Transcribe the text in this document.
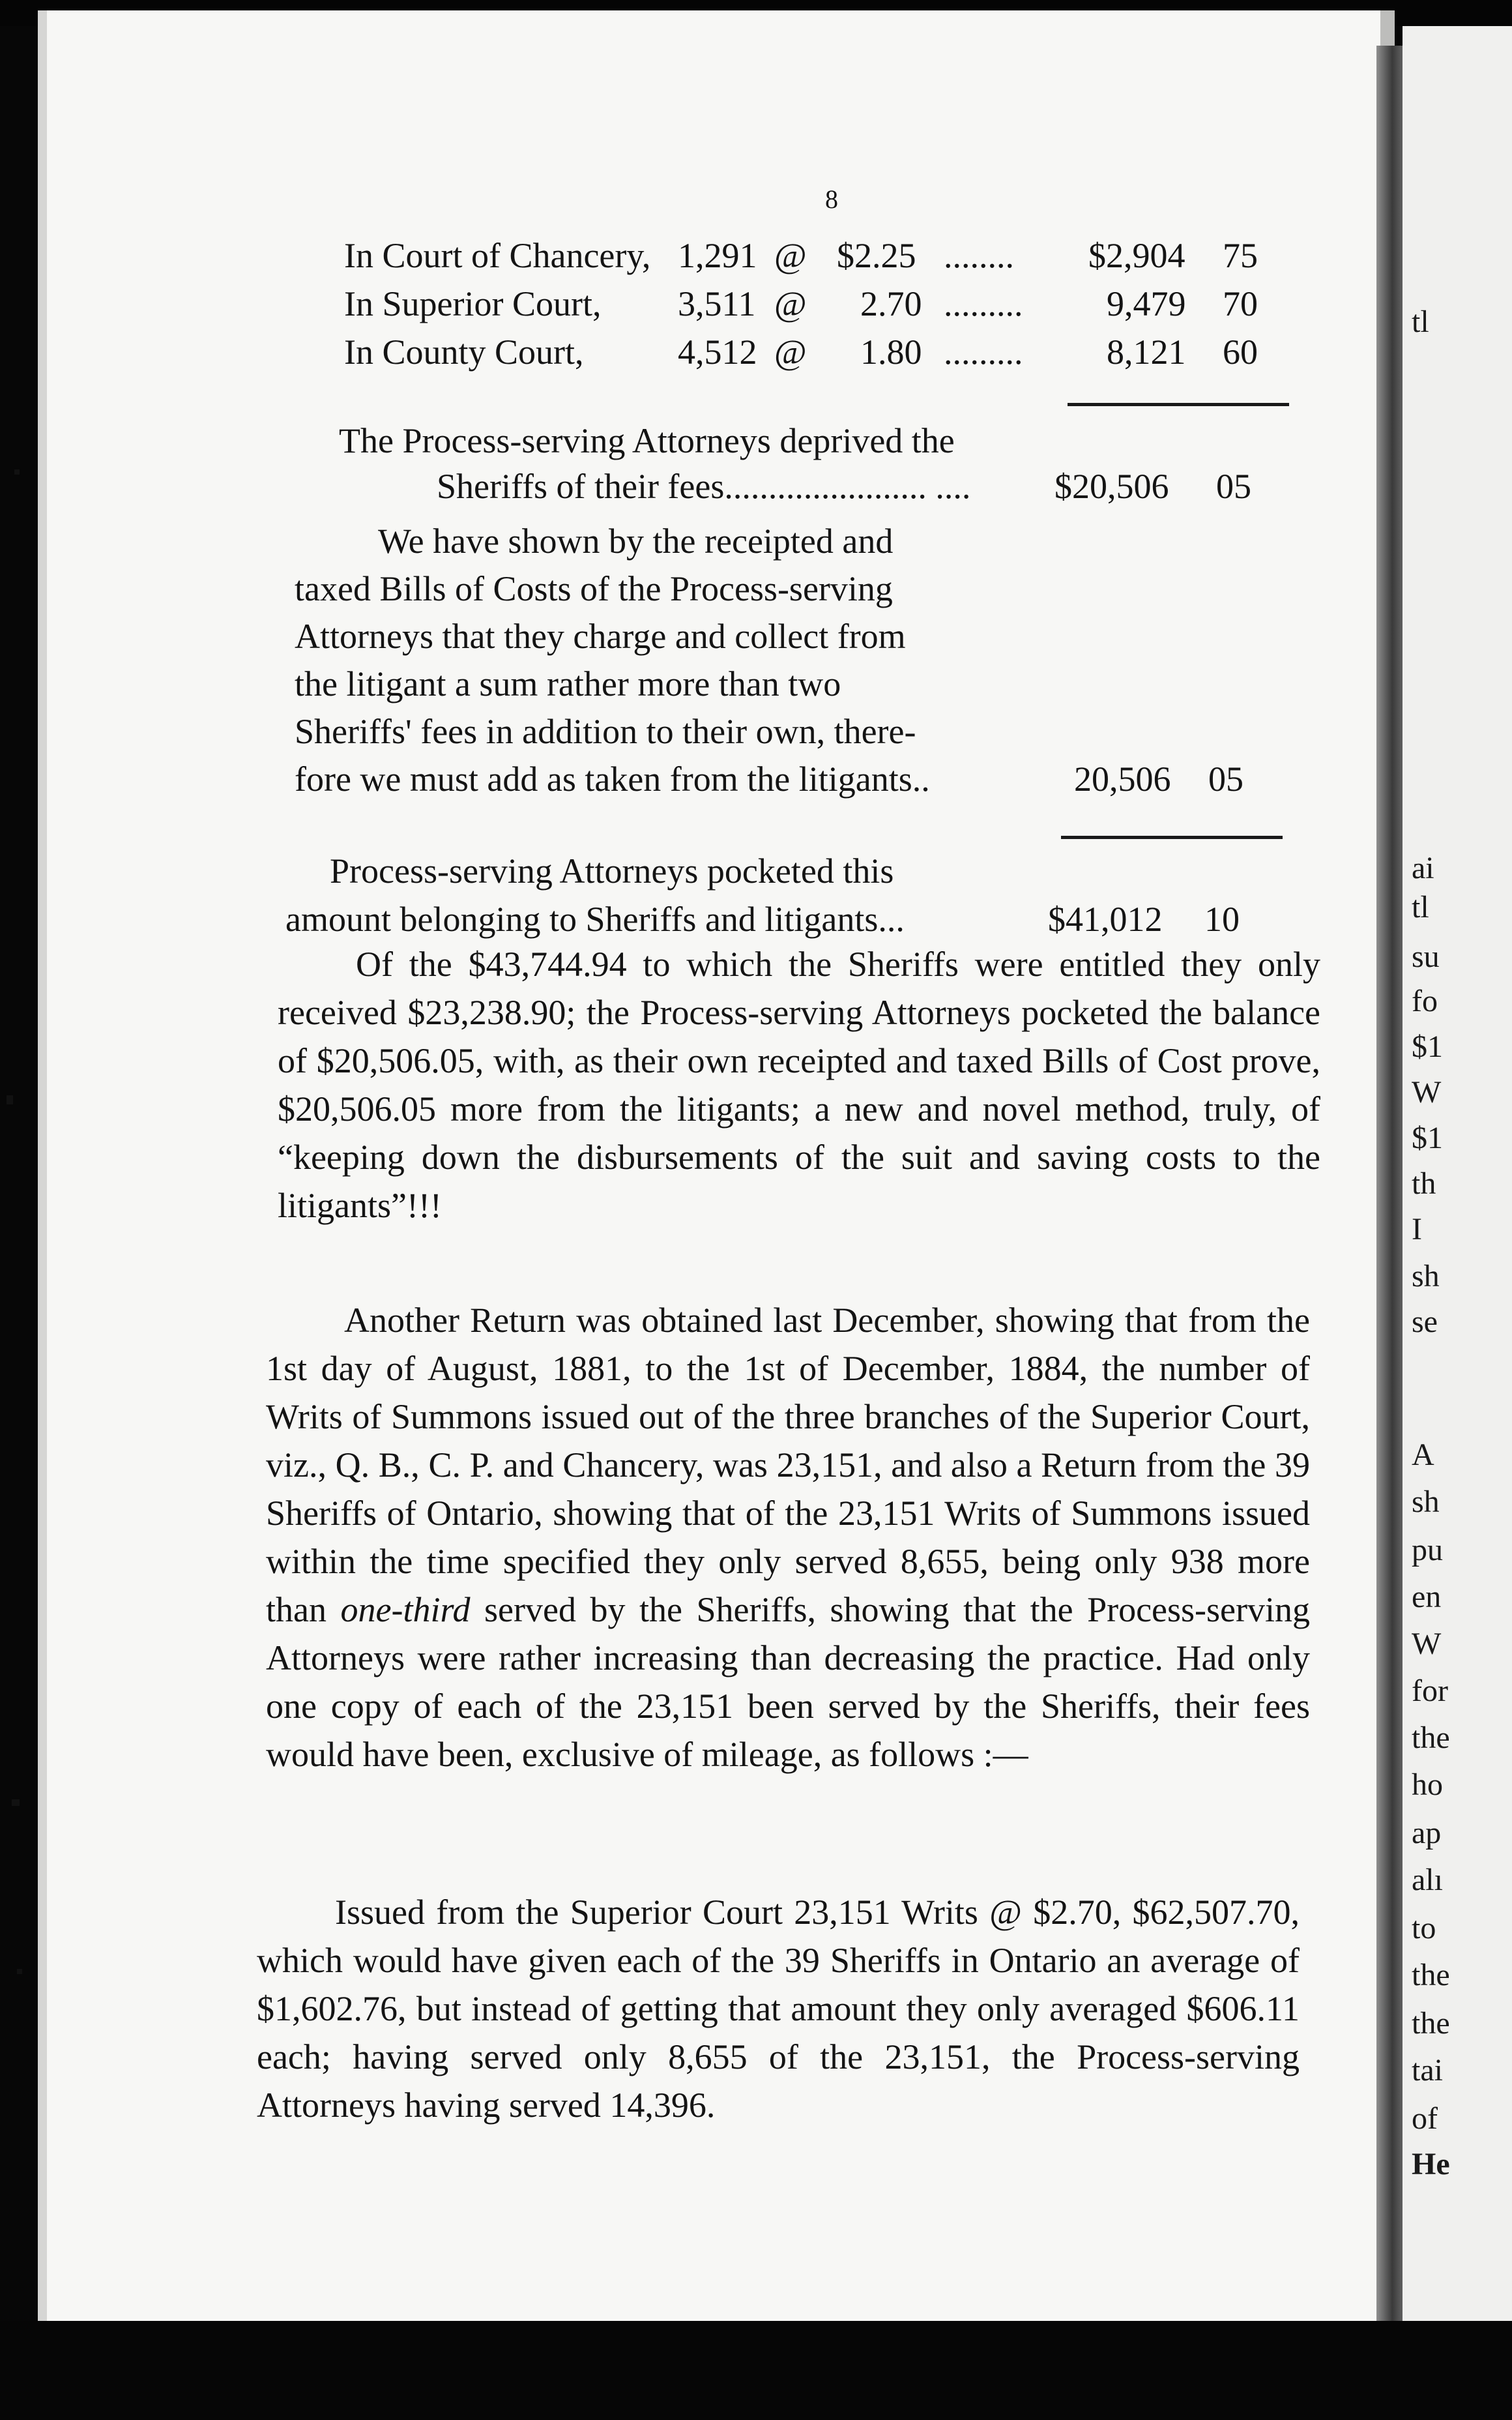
8
In Court of Chancery, 1,291 @ $2.25 ........ $2,904 75
In Superior Court, 3,511 @ 2.70 ......... 9,479 70
In County Court,	4,512 @ 1.80 ......... 8,121 60
The Process-serving Attorneys deprived the
Sheriffs of their fees....................... .... $20,506 05
We have shown by the receipted and
taxed Bills of Costs of the Process-serving
Attorneys that they charge and collect from
the litigant a sum rather more than two
Sheriffs' fees in addition to their own, there-
fore we must add as taken from the litigants..	20,506 05
Process-serving Attorneys pocketed this
amount belonging to Sheriffs and litigants...	$41,012 10

Of the $43,744.94 to which the Sheriffs were entitled they only received $23,238.90; the Process-serving Attorneys pocketed the balance of $20,506.05, with, as their own receipted and taxed Bills of Cost prove, $20,506.05 more from the litigants; a new and novel method, truly, of “keeping down the disbursements of the suit and saving costs to the litigants”!!!

Another Return was obtained last December, showing that from the 1st day of August, 1881, to the 1st of December, 1884, the number of Writs of Summons issued out of the three branches of the Superior Court, viz., Q. B., C. P. and Chancery, was 23,151, and also a Return from the 39 Sheriffs of Ontario, showing that of the 23,151 Writs of Summons issued within the time specified they only served 8,655, being only 938 more than one-third served by the Sheriffs, showing that the Process-serving Attorneys were rather increasing than decreasing the practice. Had only one copy of each of the 23,151 been served by the Sheriffs, their fees would have been, exclusive of mileage, as follows :—

Issued from the Superior Court 23,151 Writs @ $2.70, $62,507.70, which would have given each of the 39 Sheriffs in Ontario an average of $1,602.76, but instead of getting that amount they only averaged $606.11 each; having served only 8,655 of the 23,151, the Process-serving Attorneys having served 14,396.

tl
ai
tl
su
fo
$1
W
$1
th
I
sh
se
A
sh
pu
en
W
for
the
ho
ap
alı
to
the
the
tai
of
He
